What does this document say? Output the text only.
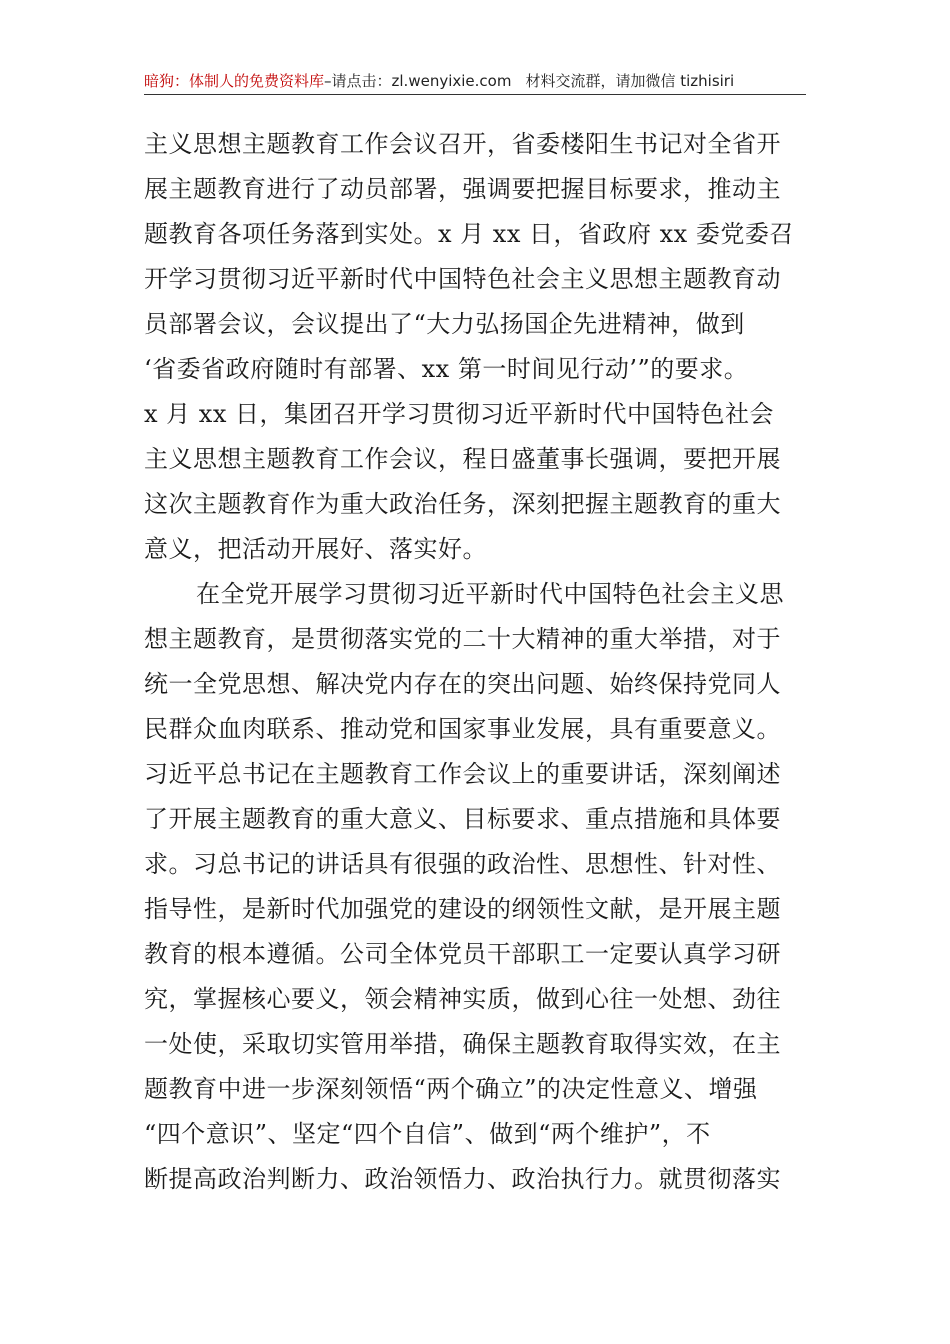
暗狗：体制人的免费资料库–请点击：zl.wenyixie.com 材料交流群，请加微信 tizhisiri
主义思想主题教育工作会议召开，省委楼阳生书记对全省开
展主题教育进行了动员部署，强调要把握目标要求，推动主
题教育各项任务落到实处。x 月 xx 日，省政府 xx 委党委召
开学习贯彻习近平新时代中国特色社会主义思想主题教育动
员部署会议，会议提出了“大力弘扬国企先进精神，做到
‘省委省政府随时有部署、xx 第一时间见行动’”的要求。
x 月 xx 日，集团召开学习贯彻习近平新时代中国特色社会
主义思想主题教育工作会议，程日盛董事长强调，要把开展
这次主题教育作为重大政治任务，深刻把握主题教育的重大
意义，把活动开展好、落实好。
在全党开展学习贯彻习近平新时代中国特色社会主义思
想主题教育，是贯彻落实党的二十大精神的重大举措，对于
统一全党思想、解决党内存在的突出问题、始终保持党同人
民群众血肉联系、推动党和国家事业发展，具有重要意义。
习近平总书记在主题教育工作会议上的重要讲话，深刻阐述
了开展主题教育的重大意义、目标要求、重点措施和具体要
求。习总书记的讲话具有很强的政治性、思想性、针对性、
指导性，是新时代加强党的建设的纲领性文献，是开展主题
教育的根本遵循。公司全体党员干部职工一定要认真学习研
究，掌握核心要义，领会精神实质，做到心往一处想、劲往
一处使，采取切实管用举措，确保主题教育取得实效，在主
题教育中进一步深刻领悟“两个确立”的决定性意义、增强
“四个意识”、坚定“四个自信”、做到“两个维护”，不
断提高政治判断力、政治领悟力、政治执行力。就贯彻落实
